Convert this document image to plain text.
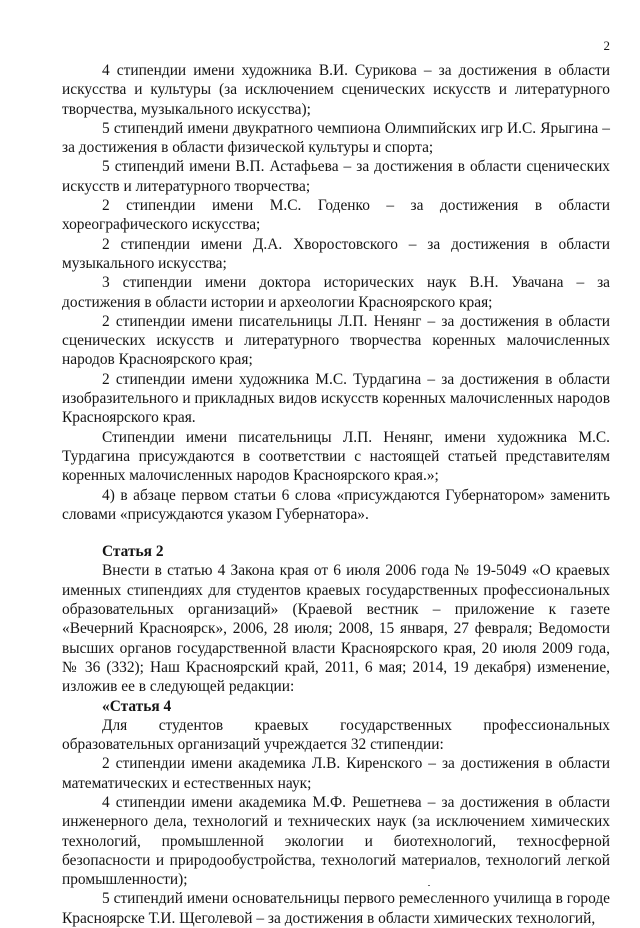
2

4 стипендии имени художника В.И. Сурикова – за достижения в области искусства и культуры (за исключением сценических искусств и литературного творчества, музыкального искусства);

5 стипендий имени двукратного чемпиона Олимпийских игр И.С. Ярыгина – за достижения в области физической культуры и спорта;

5 стипендий имени В.П. Астафьева – за достижения в области сценических искусств и литературного творчества;

2 стипендии имени М.С. Годенко – за достижения в области хореографического искусства;

2 стипендии имени Д.А. Хворостовского – за достижения в области музыкального искусства;

3 стипендии имени доктора исторических наук В.Н. Увачана – за достижения в области истории и археологии Красноярского края;

2 стипендии имени писательницы Л.П. Ненянг – за достижения в области сценических искусств и литературного творчества коренных малочисленных народов Красноярского края;

2 стипендии имени художника М.С. Турдагина – за достижения в области изобразительного и прикладных видов искусств коренных малочисленных народов Красноярского края.

Стипендии имени писательницы Л.П. Ненянг, имени художника М.С. Турдагина присуждаются в соответствии с настоящей статьей представителям коренных малочисленных народов Красноярского края.»;

4) в абзаце первом статьи 6 слова «присуждаются Губернатором» заменить словами «присуждаются указом Губернатора».

Статья 2

Внести в статью 4 Закона края от 6 июля 2006 года № 19-5049 «О краевых именных стипендиях для студентов краевых государственных профессиональных образовательных организаций» (Краевой вестник – приложение к газете «Вечерний Красноярск», 2006, 28 июля; 2008, 15 января, 27 февраля; Ведомости высших органов государственной власти Красноярского края, 20 июля 2009 года, № 36 (332); Наш Красноярский край, 2011, 6 мая; 2014, 19 декабря) изменение, изложив ее в следующей редакции:

«Статья 4

Для студентов краевых государственных профессиональных образовательных организаций учреждается 32 стипендии:

2 стипендии имени академика Л.В. Киренского – за достижения в области математических и естественных наук;

4 стипендии имени академика М.Ф. Решетнева – за достижения в области инженерного дела, технологий и технических наук (за исключением химических технологий, промышленной экологии и биотехнологий, техносферной безопасности и природообустройства, технологий материалов, технологий легкой промышленности);

5 стипендий имени основательницы первого ремесленного училища в городе Красноярске Т.И. Щеголевой – за достижения в области химических технологий,
